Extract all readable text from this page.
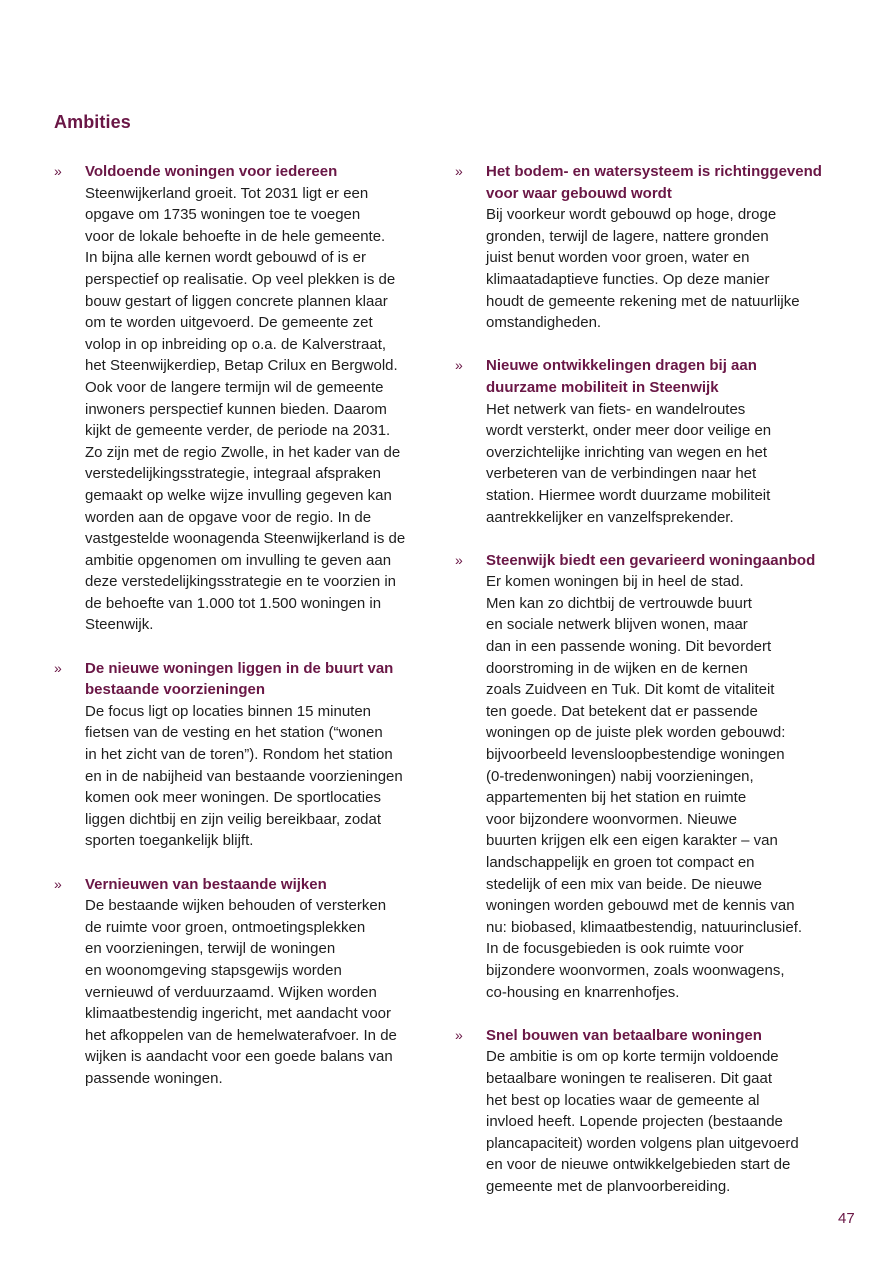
Ambities
» Voldoende woningen voor iedereen
Steenwijkerland groeit. Tot 2031 ligt er een
opgave om 1735 woningen toe te voegen
voor de lokale behoefte in de hele gemeente.
In bijna alle kernen wordt gebouwd of is er
perspectief op realisatie. Op veel plekken is de
bouw gestart of liggen concrete plannen klaar
om te worden uitgevoerd. De gemeente zet
volop in op inbreiding op o.a. de Kalverstraat,
het Steenwijkerdiep, Betap Crilux en Bergwold.
Ook voor de langere termijn wil de gemeente
inwoners perspectief kunnen bieden. Daarom
kijkt de gemeente verder, de periode na 2031.
Zo zijn met de regio Zwolle, in het kader van de
verstedelijkingsstrategie, integraal afspraken
gemaakt op welke wijze invulling gegeven kan
worden aan de opgave voor de regio. In de
vastgestelde woonagenda Steenwijkerland is de
ambitie opgenomen om invulling te geven aan
deze verstedelijkingsstrategie en te voorzien in
de behoefte van 1.000 tot 1.500 woningen in
Steenwijk.
» De nieuwe woningen liggen in de buurt van
bestaande voorzieningen
De focus ligt op locaties binnen 15 minuten
fietsen van de vesting en het station (“wonen
in het zicht van de toren”). Rondom het station
en in de nabijheid van bestaande voorzieningen
komen ook meer woningen. De sportlocaties
liggen dichtbij en zijn veilig bereikbaar, zodat
sporten toegankelijk blijft.
» Vernieuwen van bestaande wijken
De bestaande wijken behouden of versterken
de ruimte voor groen, ontmoetingsplekken
en voorzieningen, terwijl de woningen
en woonomgeving stapsgewijs worden
vernieuwd of verduurzaamd. Wijken worden
klimaatbestendig ingericht, met aandacht voor
het afkoppelen van de hemelwaterafvoer. In de
wijken is aandacht voor een goede balans van
passende woningen.
» Het bodem- en watersysteem is richtinggevend
voor waar gebouwd wordt
Bij voorkeur wordt gebouwd op hoge, droge
gronden, terwijl de lagere, nattere gronden
juist benut worden voor groen, water en
klimaatadaptieve functies. Op deze manier
houdt de gemeente rekening met de natuurlijke
omstandigheden.
» Nieuwe ontwikkelingen dragen bij aan
duurzame mobiliteit in Steenwijk
Het netwerk van fiets- en wandelroutes
wordt versterkt, onder meer door veilige en
overzichtelijke inrichting van wegen en het
verbeteren van de verbindingen naar het
station. Hiermee wordt duurzame mobiliteit
aantrekkelijker en vanzelfsprekender.
» Steenwijk biedt een gevarieerd woningaanbod
Er komen woningen bij in heel de stad.
Men kan zo dichtbij de vertrouwde buurt
en sociale netwerk blijven wonen, maar
dan in een passende woning. Dit bevordert
doorstroming in de wijken en de kernen
zoals Zuidveen en Tuk. Dit komt de vitaliteit
ten goede. Dat betekent dat er passende
woningen op de juiste plek worden gebouwd:
bijvoorbeeld levensloopbestendige woningen
(0-tredenwoningen) nabij voorzieningen,
appartementen bij het station en ruimte
voor bijzondere woonvormen. Nieuwe
buurten krijgen elk een eigen karakter – van
landschappelijk en groen tot compact en
stedelijk of een mix van beide. De nieuwe
woningen worden gebouwd met de kennis van
nu: biobased, klimaatbestendig, natuurinclusief.
In de focusgebieden is ook ruimte voor
bijzondere woonvormen, zoals woonwagens,
co-housing en knarrenhofjes.
» Snel bouwen van betaalbare woningen
De ambitie is om op korte termijn voldoende
betaalbare woningen te realiseren. Dit gaat
het best op locaties waar de gemeente al
invloed heeft. Lopende projecten (bestaande
plancapaciteit) worden volgens plan uitgevoerd
en voor de nieuwe ontwikkelgebieden start de
gemeente met de planvoorbereiding.
47
